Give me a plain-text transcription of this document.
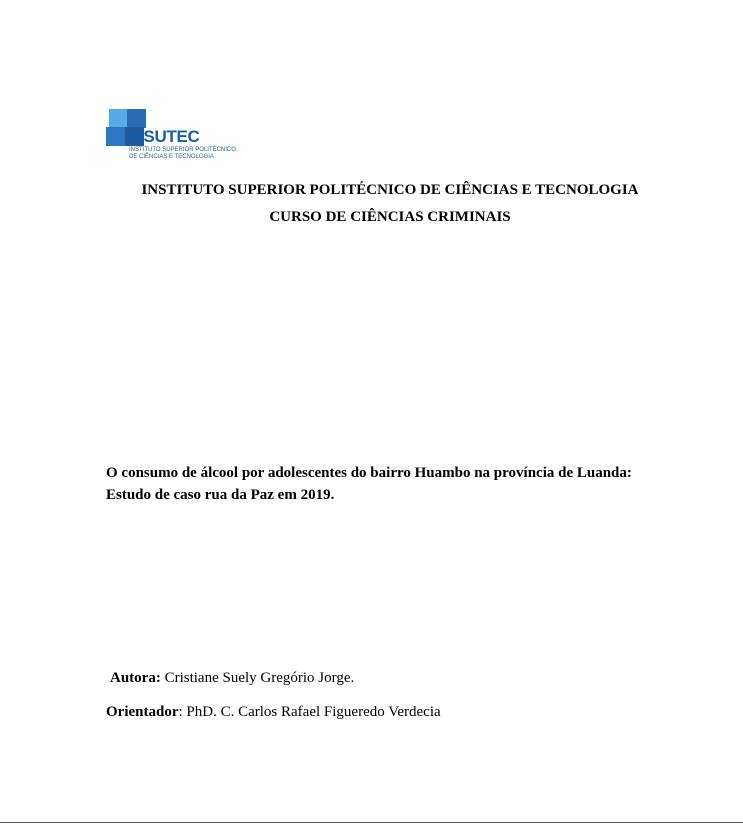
INSUTEC
INSTITUTO SUPERIOR POLITÉCNICO
DE CIÊNCIAS E TECNOLOGIA
INSTITUTO SUPERIOR POLITÉCNICO DE CIÊNCIAS E TECNOLOGIA
CURSO DE CIÊNCIAS CRIMINAIS
O consumo de álcool por adolescentes do bairro Huambo na província de Luanda:
Estudo de caso rua da Paz em 2019.
Autora: Cristiane Suely Gregório Jorge.
Orientador: PhD. C. Carlos Rafael Figueredo Verdecia
